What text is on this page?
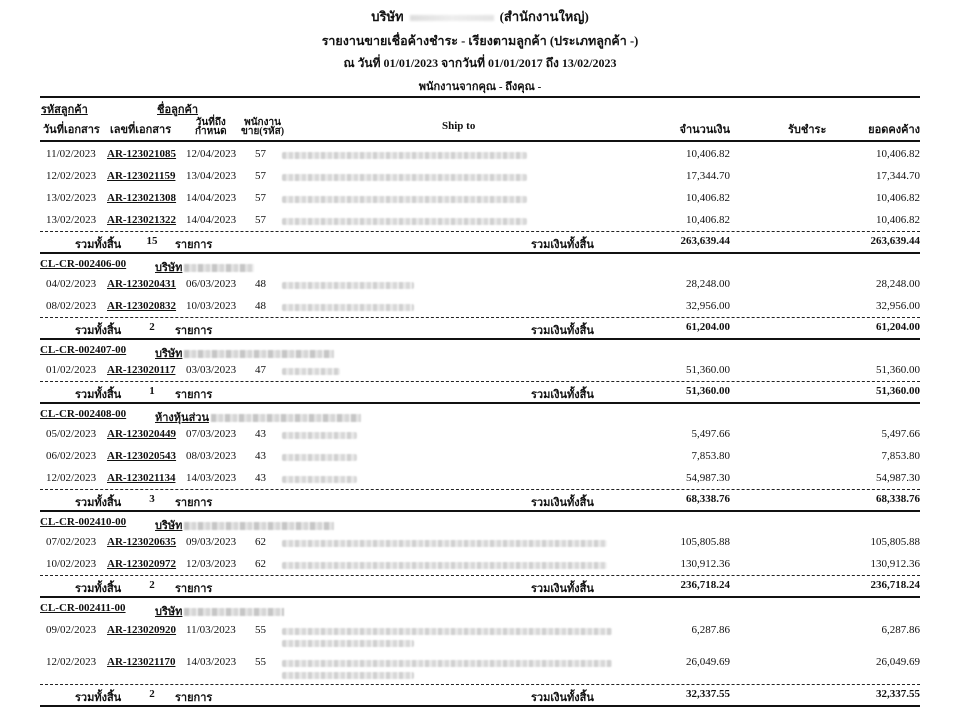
บริษัท	(สำนักงานใหญ่)
รายงานขายเชื่อค้างชำระ - เรียงตามลูกค้า (ประเภทลูกค้า -)
ณ วันที่ 01/01/2023 จากวันที่ 01/01/2017 ถึง 13/02/2023
พนักงานจากคุณ - ถึงคุณ -
รหัสลูกค้า	ชื่อลูกค้า
วันที่เอกสาร เลขที่เอกสาร
วันที่ถึง
กำหนด
พนักงาน
ขาย(รหัส)	Ship to	จำนวนเงิน	รับชำระ	ยอดคงค้าง
11/02/2023 AR-123021085 12/04/2023 57	10,406.82	10,406.82
12/02/2023 AR-123021159 13/04/2023 57	17,344.70	17,344.70
13/02/2023 AR-123021308 14/04/2023 57	10,406.82	10,406.82
13/02/2023 AR-123021322 14/04/2023 57	10,406.82	10,406.82
รวมทั้งสิ้น 15 รายการ	รวมเงินทั้งสิ้น	263,639.44	263,639.44
CL-CR-002406-00	บริษัท
04/02/2023 AR-123020431 06/03/2023 48	28,248.00	28,248.00
08/02/2023 AR-123020832 10/03/2023 48	32,956.00	32,956.00
รวมทั้งสิ้น	2	รายการ	รวมเงินทั้งสิ้น	61,204.00	61,204.00
CL-CR-002407-00	บริษัท
01/02/2023 AR-123020117 03/03/2023 47	51,360.00	51,360.00
รวมทั้งสิ้น	1	รายการ	รวมเงินทั้งสิ้น	51,360.00	51,360.00
CL-CR-002408-00	ห้างหุ้นส่วน
05/02/2023 AR-123020449 07/03/2023 43	5,497.66	5,497.66
06/02/2023 AR-123020543 08/03/2023 43	7,853.80	7,853.80
12/02/2023 AR-123021134 14/03/2023 43	54,987.30	54,987.30
รวมทั้งสิ้น	3	รายการ	รวมเงินทั้งสิ้น	68,338.76	68,338.76
CL-CR-002410-00	บริษัท
07/02/2023 AR-123020635 09/03/2023 62	105,805.88	105,805.88
10/02/2023 AR-123020972 12/03/2023 62	130,912.36	130,912.36
รวมทั้งสิ้น	2	รายการ	รวมเงินทั้งสิ้น	236,718.24	236,718.24
CL-CR-002411-00	บริษัท
09/02/2023 AR-123020920 11/03/2023 55	6,287.86	6,287.86
12/02/2023 AR-123021170 14/03/2023 55	26,049.69	26,049.69
รวมทั้งสิ้น	2	รายการ	รวมเงินทั้งสิ้น	32,337.55	32,337.55
